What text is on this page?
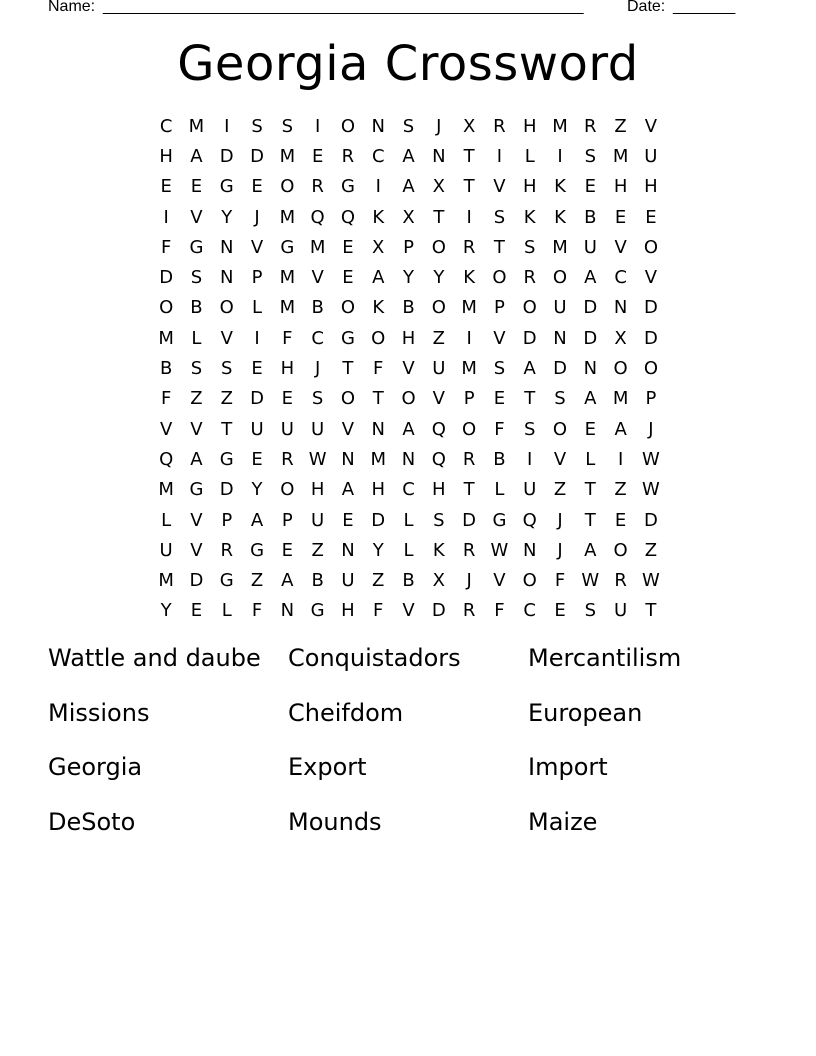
Name: ______________________________________________________	Date: _______
Georgia Crossword
C M	I	S	S	I	O N S	J	X R H M R Z V
H A D D M E	R C A N	T	I	L	I	S M U
E	E G E O R G	I	A X	T	V H K	E H H
I	V	Y	J	M Q Q K	X	T	I	S	K	K	B	E	E
F	G N V G M E	X	P O R	T	S M U V O
D S N	P M V	E	A	Y	Y	K O R O A C V
O B O	L M B O K	B O M P O U D N D
M L	V	I	F	C G O H Z	I	V D N D X D
B	S	S	E H	J	T	F	V U M S	A D N O O
F	Z Z D E	S O T O V	P	E	T	S	A M P
V V	T	U U U V N A Q O	F	S O E	A	J
Q A G E	R W N M N Q R B	I	V	L	I	W
M G D Y O H A H C H	T	L	U Z	T	Z W
L	V	P	A	P	U	E D	L	S D G Q	J	T	E D
U V R G E	Z N	Y	L	K	R W N	J	A O Z
M D G Z A B U Z B X	J	V O	F W R W
Y	E	L	F	N G H	F	V D R	F	C	E	S U	T
Wattle and daube	Conquistadors	Mercantilism
Missions	Cheifdom	European
Georgia	Export	Import
DeSoto	Mounds	Maize
